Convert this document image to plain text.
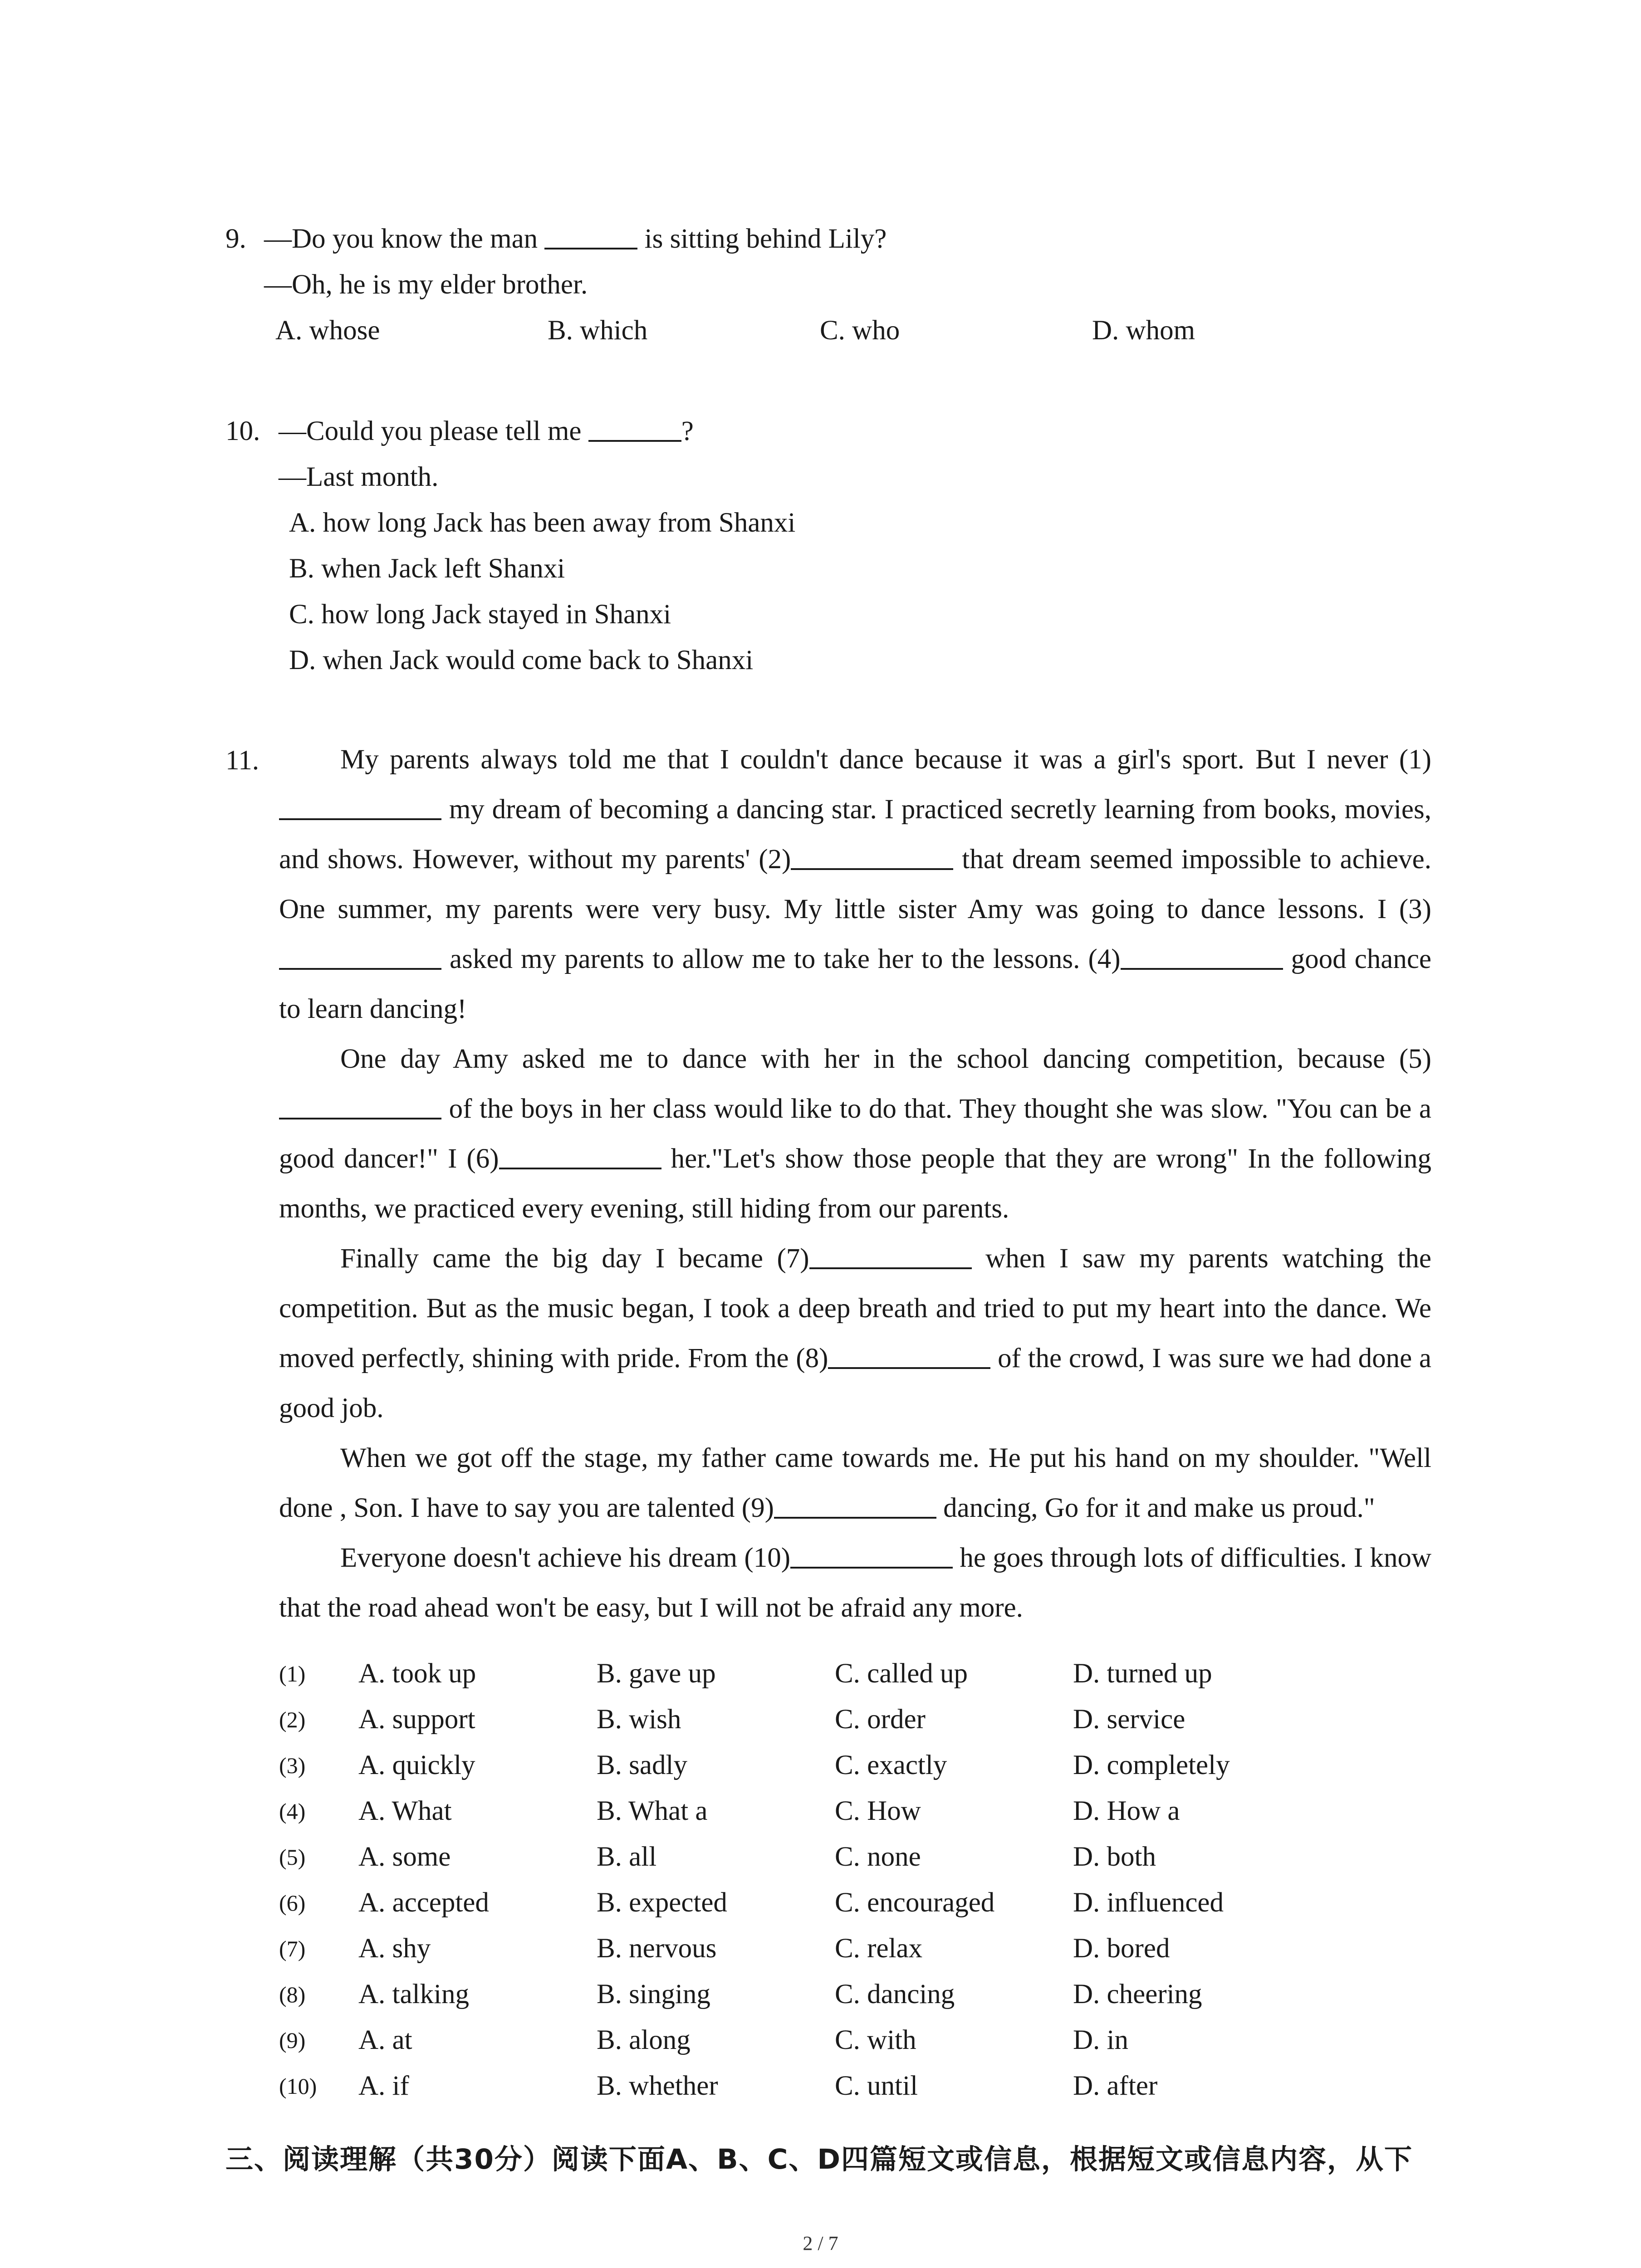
9. —Do you know the man	is sitting behind Lily?
—Oh, he is my elder brother.
A. whose	B. which	C. who	D. whom
10. —Could you please tell me	?
—Last month.
A. how long Jack has been away from Shanxi
B. when Jack left Shanxi
C. how long Jack stayed in Shanxi
D. when Jack would come back to Shanxi
11.	My parents always told me that I couldn't dance because it was a girl's sport. But I never (1) my dream of becoming a dancing star. I practiced secretly learning from books, movies, and shows. However, without my parents' (2)	that dream seemed impossible to achieve. One summer, my parents were very busy. My little sister Amy was going to dance lessons. I (3) asked my parents to allow me to take her to the lessons. (4)	good chance to learn dancing!

One day Amy asked me to dance with her in the school dancing competition, because (5) of the boys in her class would like to do that. They thought she was slow. "You can be a good dancer!" I (6)	her."Let's show those people that they are wrong" In the following months, we practiced every evening, still hiding from our parents.

Finally came the big day I became (7)	when I saw my parents watching the competition. But as the music began, I took a deep breath and tried to put my heart into the dance. We moved perfectly, shining with pride. From the (8)	of the crowd, I was sure we had done a good job.

When we got off the stage, my father came towards me. He put his hand on my shoulder. "Well done , Son. I have to say you are talented (9)	dancing, Go for it and make us proud."

Everyone doesn't achieve his dream (10)	he goes through lots of difficulties. I know that the road ahead won't be easy, but I will not be afraid any more.

(1) A. took up	B. gave up	C. called up	D. turned up
(2) A. support	B. wish	C. order	D. service
(3) A. quickly	B. sadly	C. exactly	D. completely
(4) A. What	B. What a	C. How	D. How a
(5) A. some	B. all	C. none	D. both
(6) A. accepted	B. expected	C. encouraged	D. influenced
(7) A. shy	B. nervous	C. relax	D. bored
(8) A. talking	B. singing	C. dancing	D. cheering
(9) A. at	B. along	C. with	D. in
(10) A. if	B. whether	C. until	D. after
三、阅读理解（共30分）阅读下面A、B、C、D四篇短文或信息，根据短文或信息内容，从下
2 / 7
